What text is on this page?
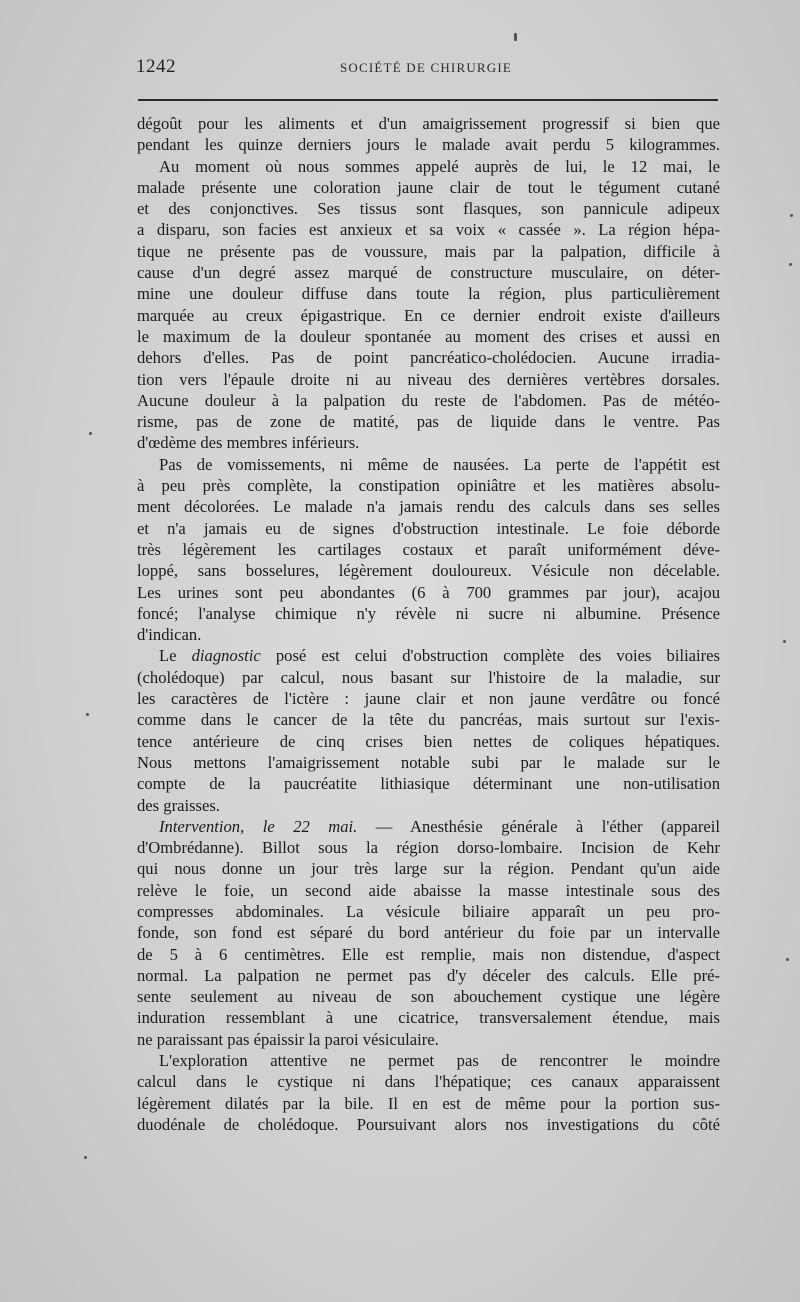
1242	SOCIÉTÉ DE CHIRURGIE
dégoût pour les aliments et d'un amaigrissement progressif si bien que
pendant les quinze derniers jours le malade avait perdu 5 kilogrammes.
Au moment où nous sommes appelé auprès de lui, le 12 mai, le
malade présente une coloration jaune clair de tout le tégument cutané
et des conjonctives. Ses tissus sont flasques, son pannicule adipeux
a disparu, son facies est anxieux et sa voix « cassée ». La région hépa-
tique ne présente pas de voussure, mais par la palpation, difficile à
cause d'un degré assez marqué de constructure musculaire, on déter-
mine une douleur diffuse dans toute la région, plus particulièrement
marquée au creux épigastrique. En ce dernier endroit existe d'ailleurs
le maximum de la douleur spontanée au moment des crises et aussi en
dehors d'elles. Pas de point pancréatico-cholédocien. Aucune irradia-
tion vers l'épaule droite ni au niveau des dernières vertèbres dorsales.
Aucune douleur à la palpation du reste de l'abdomen. Pas de météo-
risme, pas de zone de matité, pas de liquide dans le ventre. Pas
d'œdème des membres inférieurs.
Pas de vomissements, ni même de nausées. La perte de l'appétit est
à peu près complète, la constipation opiniâtre et les matières absolu-
ment décolorées. Le malade n'a jamais rendu des calculs dans ses selles
et n'a jamais eu de signes d'obstruction intestinale. Le foie déborde
très légèrement les cartilages costaux et paraît uniformément déve-
loppé, sans bosselures, légèrement douloureux. Vésicule non décelable.
Les urines sont peu abondantes (6 à 700 grammes par jour), acajou
foncé; l'analyse chimique n'y révèle ni sucre ni albumine. Présence
d'indican.
Le diagnostic posé est celui d'obstruction complète des voies biliaires
(cholédoque) par calcul, nous basant sur l'histoire de la maladie, sur
les caractères de l'ictère : jaune clair et non jaune verdâtre ou foncé
comme dans le cancer de la tête du pancréas, mais surtout sur l'exis-
tence antérieure de cinq crises bien nettes de coliques hépatiques.
Nous mettons l'amaigrissement notable subi par le malade sur le
compte de la paucréatite lithiasique déterminant une non-utilisation
des graisses.
Intervention, le 22 mai. — Anesthésie générale à l'éther (appareil
d'Ombrédanne). Billot sous la région dorso-lombaire. Incision de Kehr
qui nous donne un jour très large sur la région. Pendant qu'un aide
relève le foie, un second aide abaisse la masse intestinale sous des
compresses abdominales. La vésicule biliaire apparaît un peu pro-
fonde, son fond est séparé du bord antérieur du foie par un intervalle
de 5 à 6 centimètres. Elle est remplie, mais non distendue, d'aspect
normal. La palpation ne permet pas d'y déceler des calculs. Elle pré-
sente seulement au niveau de son abouchement cystique une légère
induration ressemblant à une cicatrice, transversalement étendue, mais
ne paraissant pas épaissir la paroi vésiculaire.
L'exploration attentive ne permet pas de rencontrer le moindre
calcul dans le cystique ni dans l'hépatique; ces canaux apparaissent
légèrement dilatés par la bile. Il en est de même pour la portion sus-
duodénale de cholédoque. Poursuivant alors nos investigations du côté
